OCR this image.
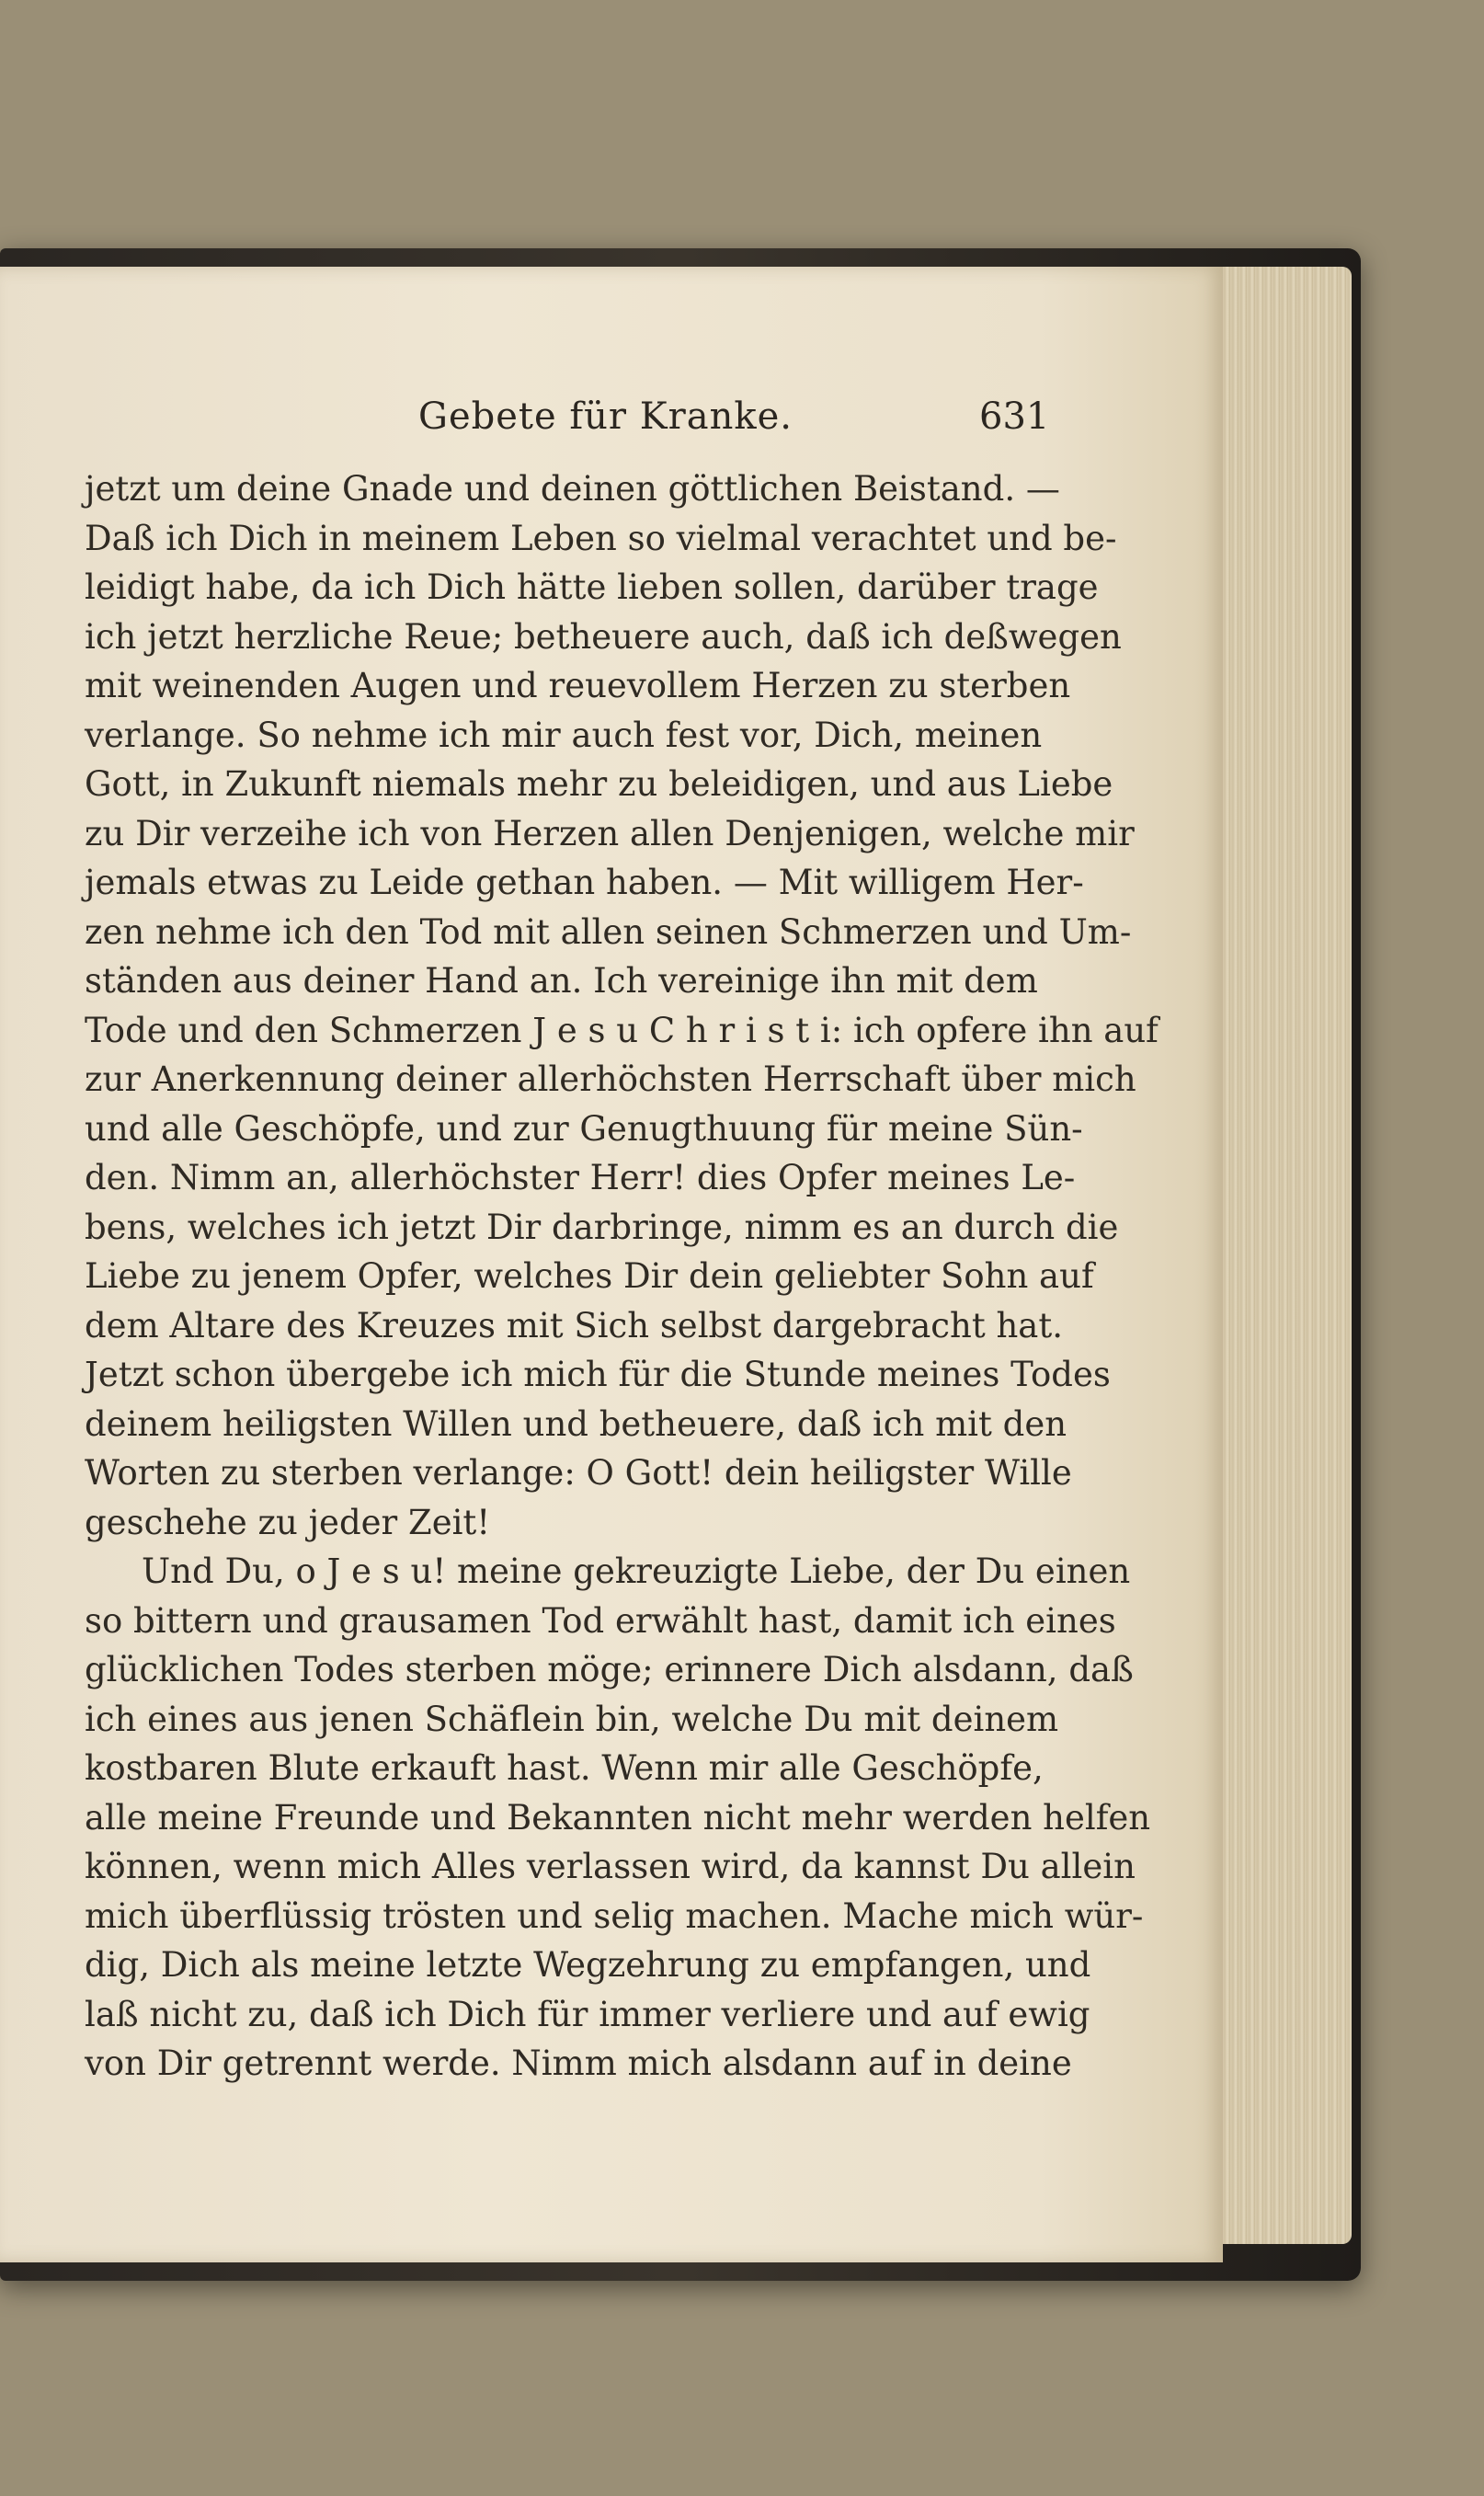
Gebete für Kranke.	631
jetzt um deine Gnade und deinen göttlichen Beistand. —
Daß ich Dich in meinem Leben so vielmal verachtet und be-
leidigt habe, da ich Dich hätte lieben sollen, darüber trage
ich jetzt herzliche Reue; betheuere auch, daß ich deßwegen
mit weinenden Augen und reuevollem Herzen zu sterben
verlange. So nehme ich mir auch fest vor, Dich, meinen
Gott, in Zukunft niemals mehr zu beleidigen, und aus Liebe
zu Dir verzeihe ich von Herzen allen Denjenigen, welche mir
jemals etwas zu Leide gethan haben. — Mit willigem Her-
zen nehme ich den Tod mit allen seinen Schmerzen und Um-
ständen aus deiner Hand an. Ich vereinige ihn mit dem
Tode und den Schmerzen J e s u C h r i s t i: ich opfere ihn auf
zur Anerkennung deiner allerhöchsten Herrschaft über mich
und alle Geschöpfe, und zur Genugthuung für meine Sün-
den. Nimm an, allerhöchster Herr! dies Opfer meines Le-
bens, welches ich jetzt Dir darbringe, nimm es an durch die
Liebe zu jenem Opfer, welches Dir dein geliebter Sohn auf
dem Altare des Kreuzes mit Sich selbst dargebracht hat.
Jetzt schon übergebe ich mich für die Stunde meines Todes
deinem heiligsten Willen und betheuere, daß ich mit den
Worten zu sterben verlange: O Gott! dein heiligster Wille
geschehe zu jeder Zeit!
Und Du, o J e s u! meine gekreuzigte Liebe, der Du einen
so bittern und grausamen Tod erwählt hast, damit ich eines
glücklichen Todes sterben möge; erinnere Dich alsdann, daß
ich eines aus jenen Schäflein bin, welche Du mit deinem
kostbaren Blute erkauft hast. Wenn mir alle Geschöpfe,
alle meine Freunde und Bekannten nicht mehr werden helfen
können, wenn mich Alles verlassen wird, da kannst Du allein
mich überflüssig trösten und selig machen. Mache mich wür-
dig, Dich als meine letzte Wegzehrung zu empfangen, und
laß nicht zu, daß ich Dich für immer verliere und auf ewig
von Dir getrennt werde. Nimm mich alsdann auf in deine
